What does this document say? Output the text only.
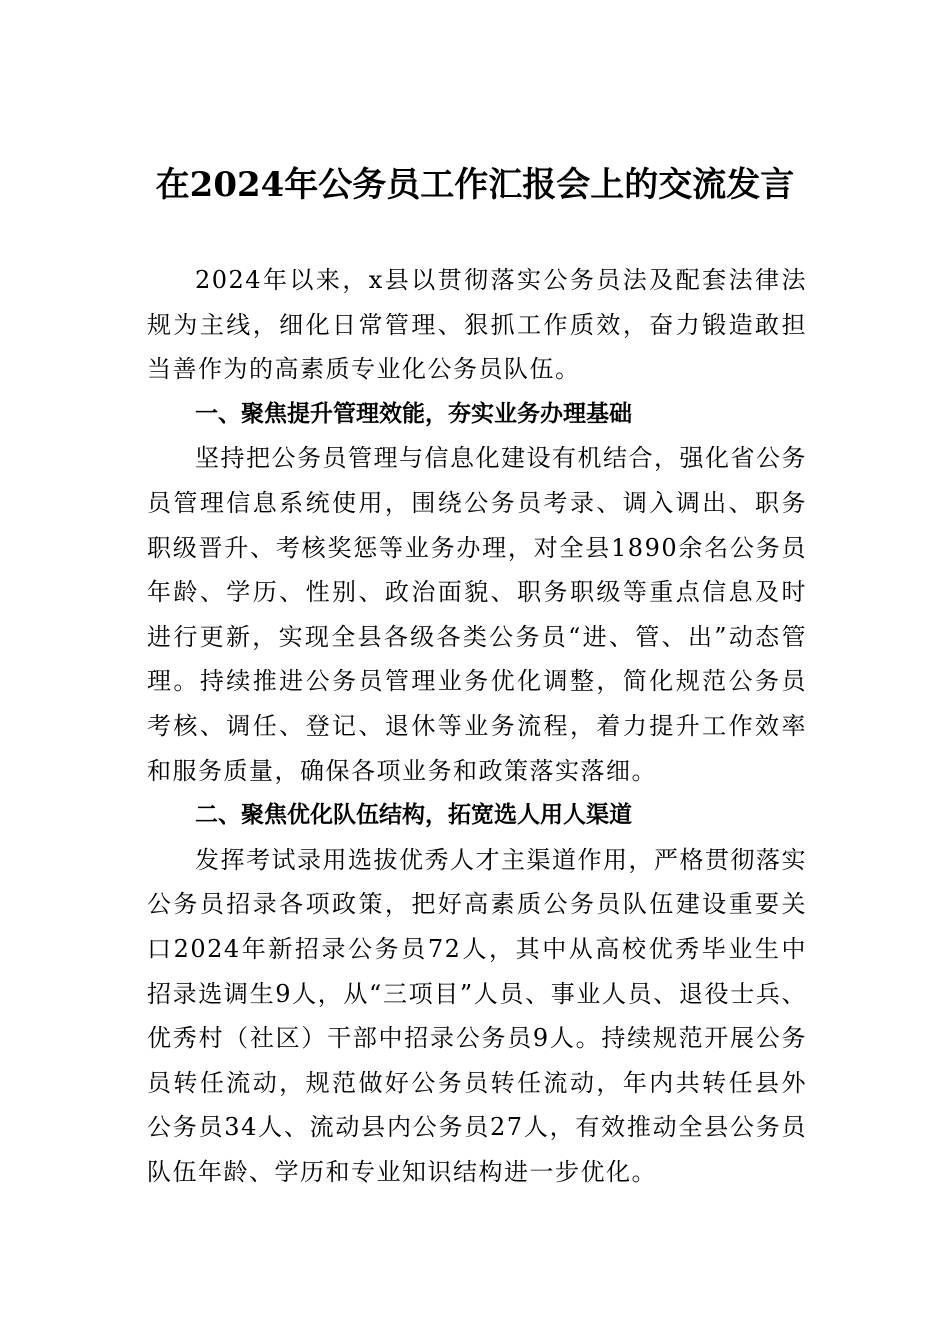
在2024年公务员工作汇报会上的交流发言

2024年以来，x县以贯彻落实公务员法及配套法律法规为主线，细化日常管理、狠抓工作质效，奋力锻造敢担当善作为的高素质专业化公务员队伍。

一、聚焦提升管理效能，夯实业务办理基础

坚持把公务员管理与信息化建设有机结合，强化省公务员管理信息系统使用，围绕公务员考录、调入调出、职务职级晋升、考核奖惩等业务办理，对全县1890余名公务员年龄、学历、性别、政治面貌、职务职级等重点信息及时进行更新，实现全县各级各类公务员“进、管、出”动态管理。持续推进公务员管理业务优化调整，简化规范公务员考核、调任、登记、退休等业务流程，着力提升工作效率和服务质量，确保各项业务和政策落实落细。

二、聚焦优化队伍结构，拓宽选人用人渠道

发挥考试录用选拔优秀人才主渠道作用，严格贯彻落实公务员招录各项政策，把好高素质公务员队伍建设重要关口2024年新招录公务员72人，其中从高校优秀毕业生中招录选调生9人，从“三项目”人员、事业人员、退役士兵、优秀村（社区）干部中招录公务员9人。持续规范开展公务员转任流动，规范做好公务员转任流动，年内共转任县外公务员34人、流动县内公务员27人，有效推动全县公务员队伍年龄、学历和专业知识结构进一步优化。
